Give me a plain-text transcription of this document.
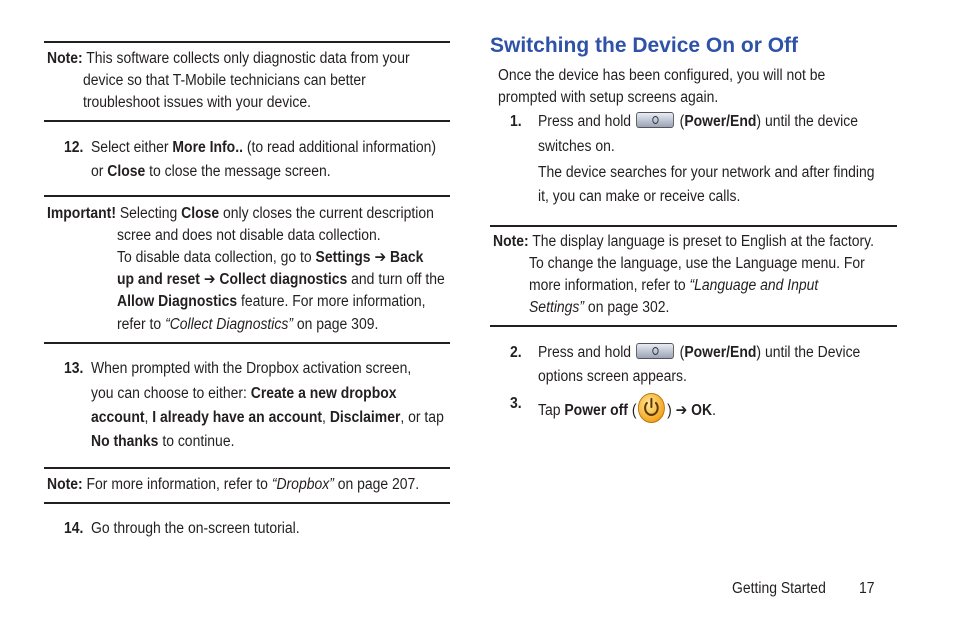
Note: This software collects only diagnostic data from your
device so that T-Mobile technicians can better
troubleshoot issues with your device.
12. Select either More Info.. (to read additional information)
or Close to close the message screen.
Important! Selecting Close only closes the current description
scree and does not disable data collection.
To disable data collection, go to Settings ➔ Back
up and reset ➔ Collect diagnostics and turn off the
Allow Diagnostics feature. For more information,
refer to “Collect Diagnostics” on page 309.
13. When prompted with the Dropbox activation screen,
you can choose to either: Create a new dropbox
account, I already have an account, Disclaimer, or tap
No thanks to continue.
Note: For more information, refer to “Dropbox” on page 207.
14. Go through the on-screen tutorial.
Switching the Device On or Off
Once the device has been configured, you will not be
prompted with setup screens again.
1. Press and hold	(Power/End) until the device
switches on.
The device searches for your network and after finding
it, you can make or receive calls.
Note: The display language is preset to English at the factory.
To change the language, use the Language menu. For
more information, refer to “Language and Input
Settings” on page 302.
2. Press and hold	(Power/End) until the Device
options screen appears.
3. Tap Power off ( ) ➔ OK.
Getting Started 17
